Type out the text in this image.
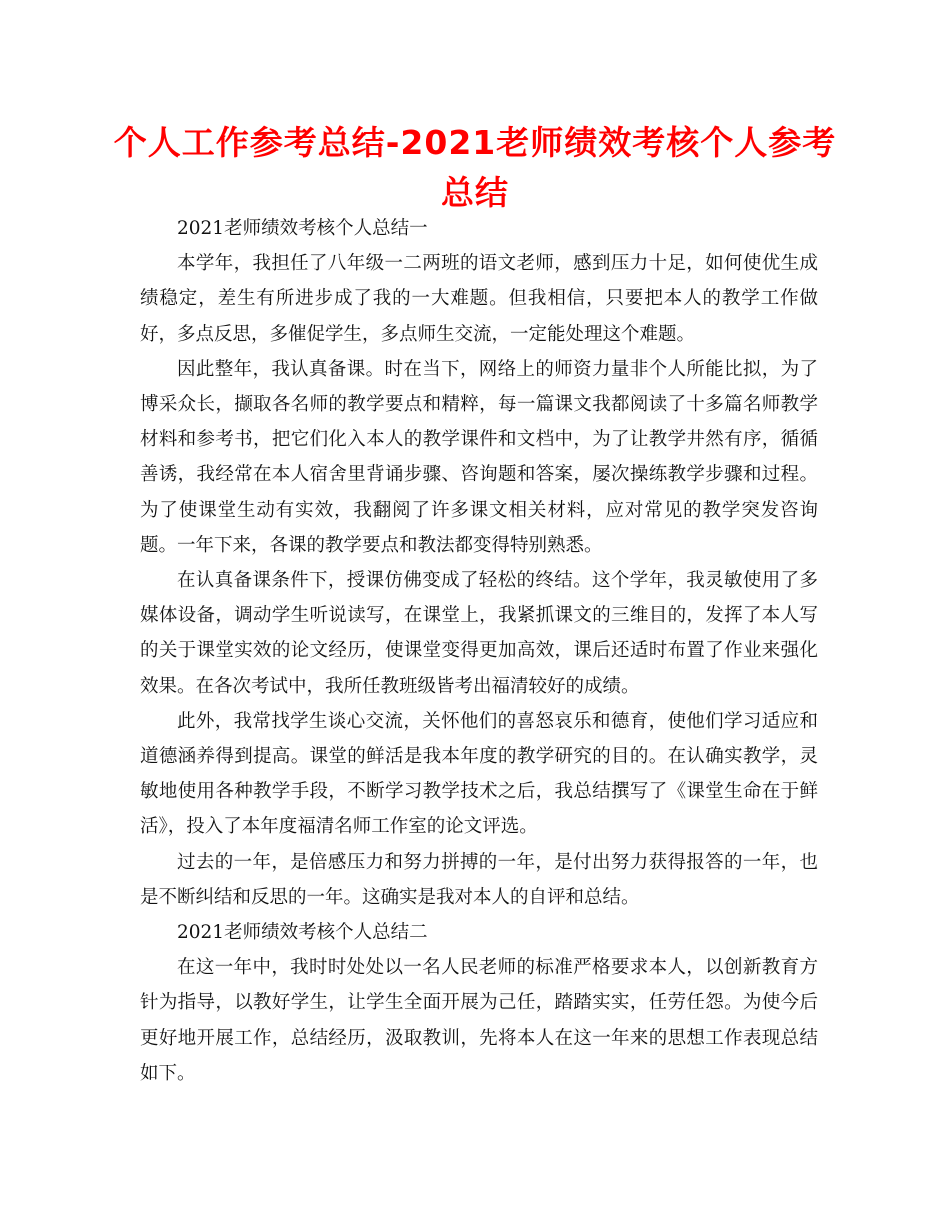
个人工作参考总结-2021老师绩效考核个人参考总结

2021老师绩效考核个人总结一

本学年，我担任了八年级一二两班的语文老师，感到压力十足，如何使优生成绩稳定，差生有所进步成了我的一大难题。但我相信，只要把本人的教学工作做好，多点反思，多催促学生，多点师生交流，一定能处理这个难题。

因此整年，我认真备课。时在当下，网络上的师资力量非个人所能比拟，为了博采众长，撷取各名师的教学要点和精粹，每一篇课文我都阅读了十多篇名师教学材料和参考书，把它们化入本人的教学课件和文档中，为了让教学井然有序，循循善诱，我经常在本人宿舍里背诵步骤、咨询题和答案，屡次操练教学步骤和过程。为了使课堂生动有实效，我翻阅了许多课文相关材料，应对常见的教学突发咨询题。一年下来，各课的教学要点和教法都变得特别熟悉。

在认真备课条件下，授课仿佛变成了轻松的终结。这个学年，我灵敏使用了多媒体设备，调动学生听说读写，在课堂上，我紧抓课文的三维目的，发挥了本人写的关于课堂实效的论文经历，使课堂变得更加高效，课后还适时布置了作业来强化效果。在各次考试中，我所任教班级皆考出福清较好的成绩。

此外，我常找学生谈心交流，关怀他们的喜怒哀乐和德育，使他们学习适应和道德涵养得到提高。课堂的鲜活是我本年度的教学研究的目的。在认确实教学，灵敏地使用各种教学手段，不断学习教学技术之后，我总结撰写了《课堂生命在于鲜活》，投入了本年度福清名师工作室的论文评选。

过去的一年，是倍感压力和努力拼搏的一年，是付出努力获得报答的一年，也是不断纠结和反思的一年。这确实是我对本人的自评和总结。

2021老师绩效考核个人总结二

在这一年中，我时时处处以一名人民老师的标准严格要求本人，以创新教育方针为指导，以教好学生，让学生全面开展为己任，踏踏实实，任劳任怨。为使今后更好地开展工作，总结经历，汲取教训，先将本人在这一年来的思想工作表现总结如下。
